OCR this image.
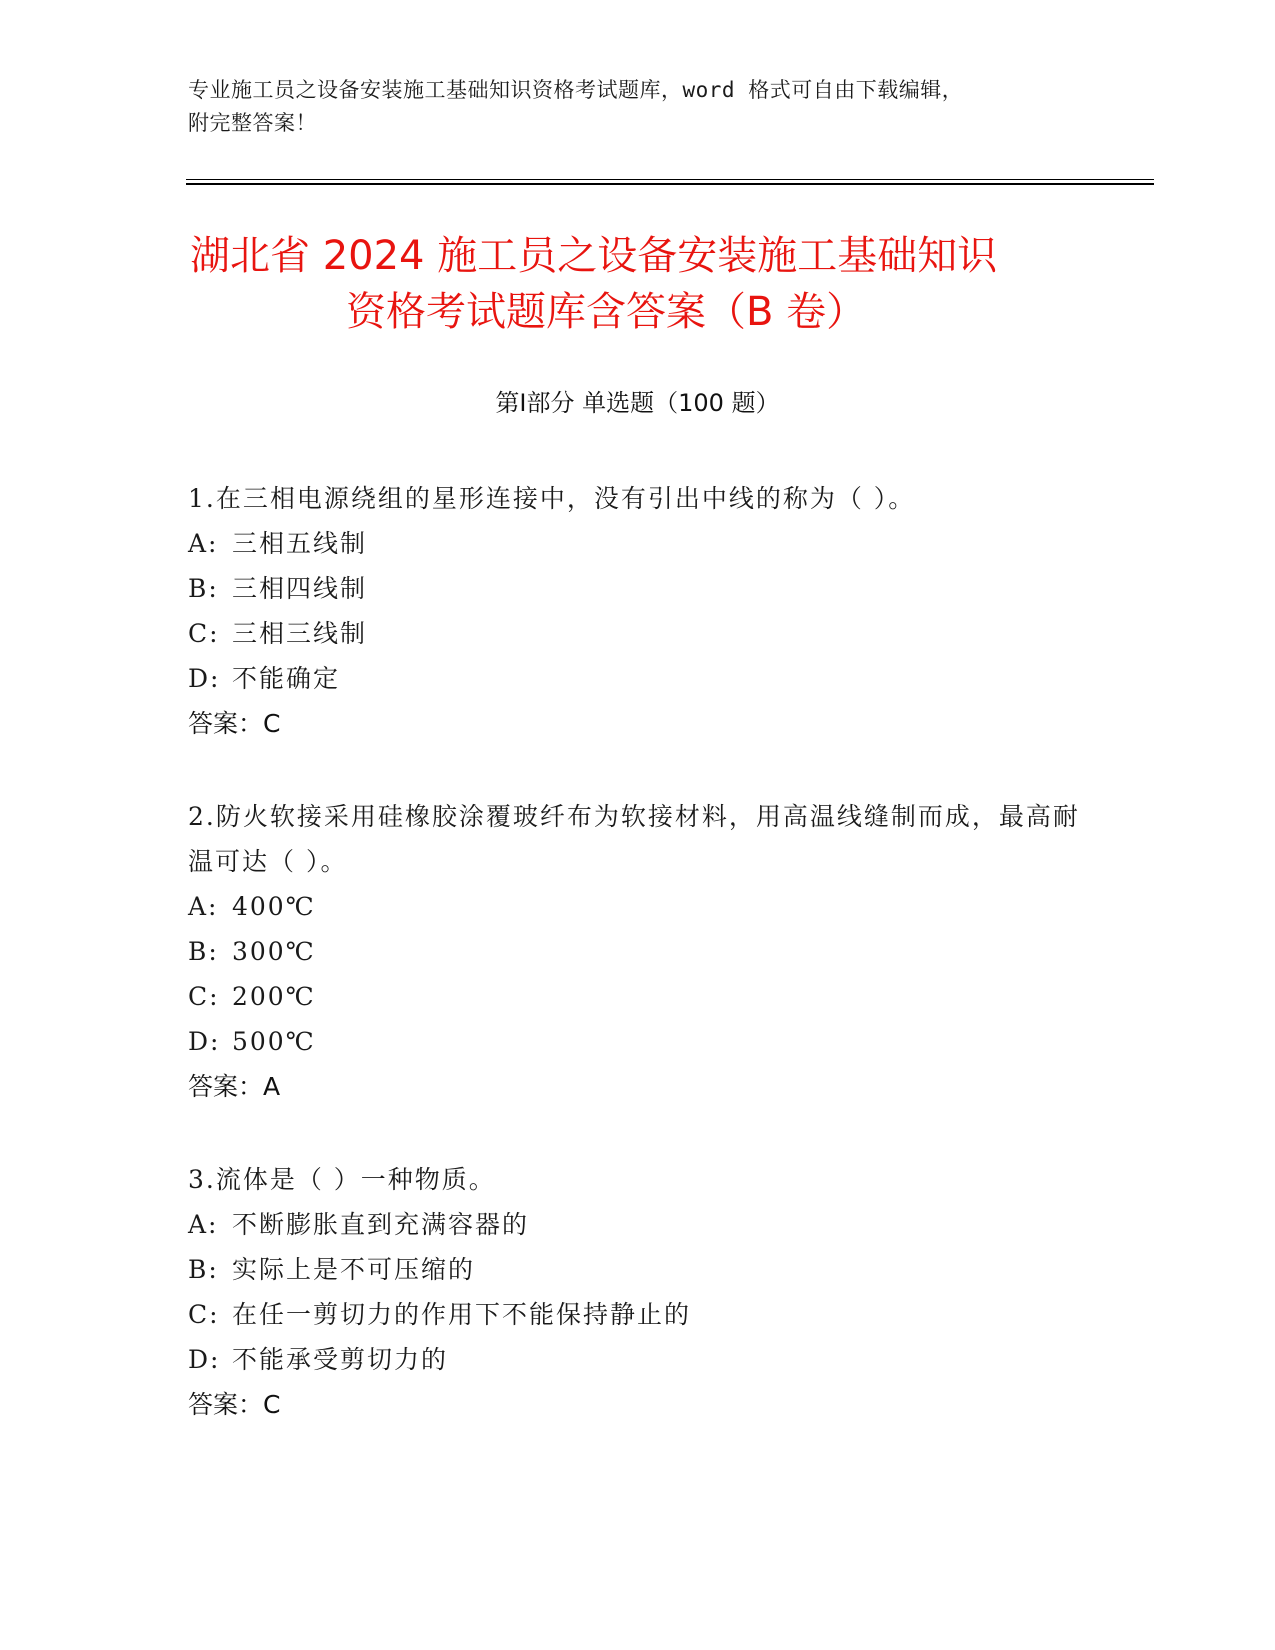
专业施工员之设备安装施工基础知识资格考试题库，word 格式可自由下载编辑，
附完整答案！
湖北省 2024 施工员之设备安装施工基础知识
资格考试题库含答案（B 卷）
第Ⅰ部分 单选题（100 题）
1.在三相电源绕组的星形连接中，没有引出中线的称为（ ）。
A: 三相五线制
B: 三相四线制
C: 三相三线制
D: 不能确定
答案：C
2.防火软接采用硅橡胶涂覆玻纤布为软接材料，用高温线缝制而成，最高耐温可达（ ）。
A: 400℃
B: 300℃
C: 200℃
D: 500℃
答案：A
3.流体是（ ）一种物质。
A: 不断膨胀直到充满容器的
B: 实际上是不可压缩的
C: 在任一剪切力的作用下不能保持静止的
D: 不能承受剪切力的
答案：C
